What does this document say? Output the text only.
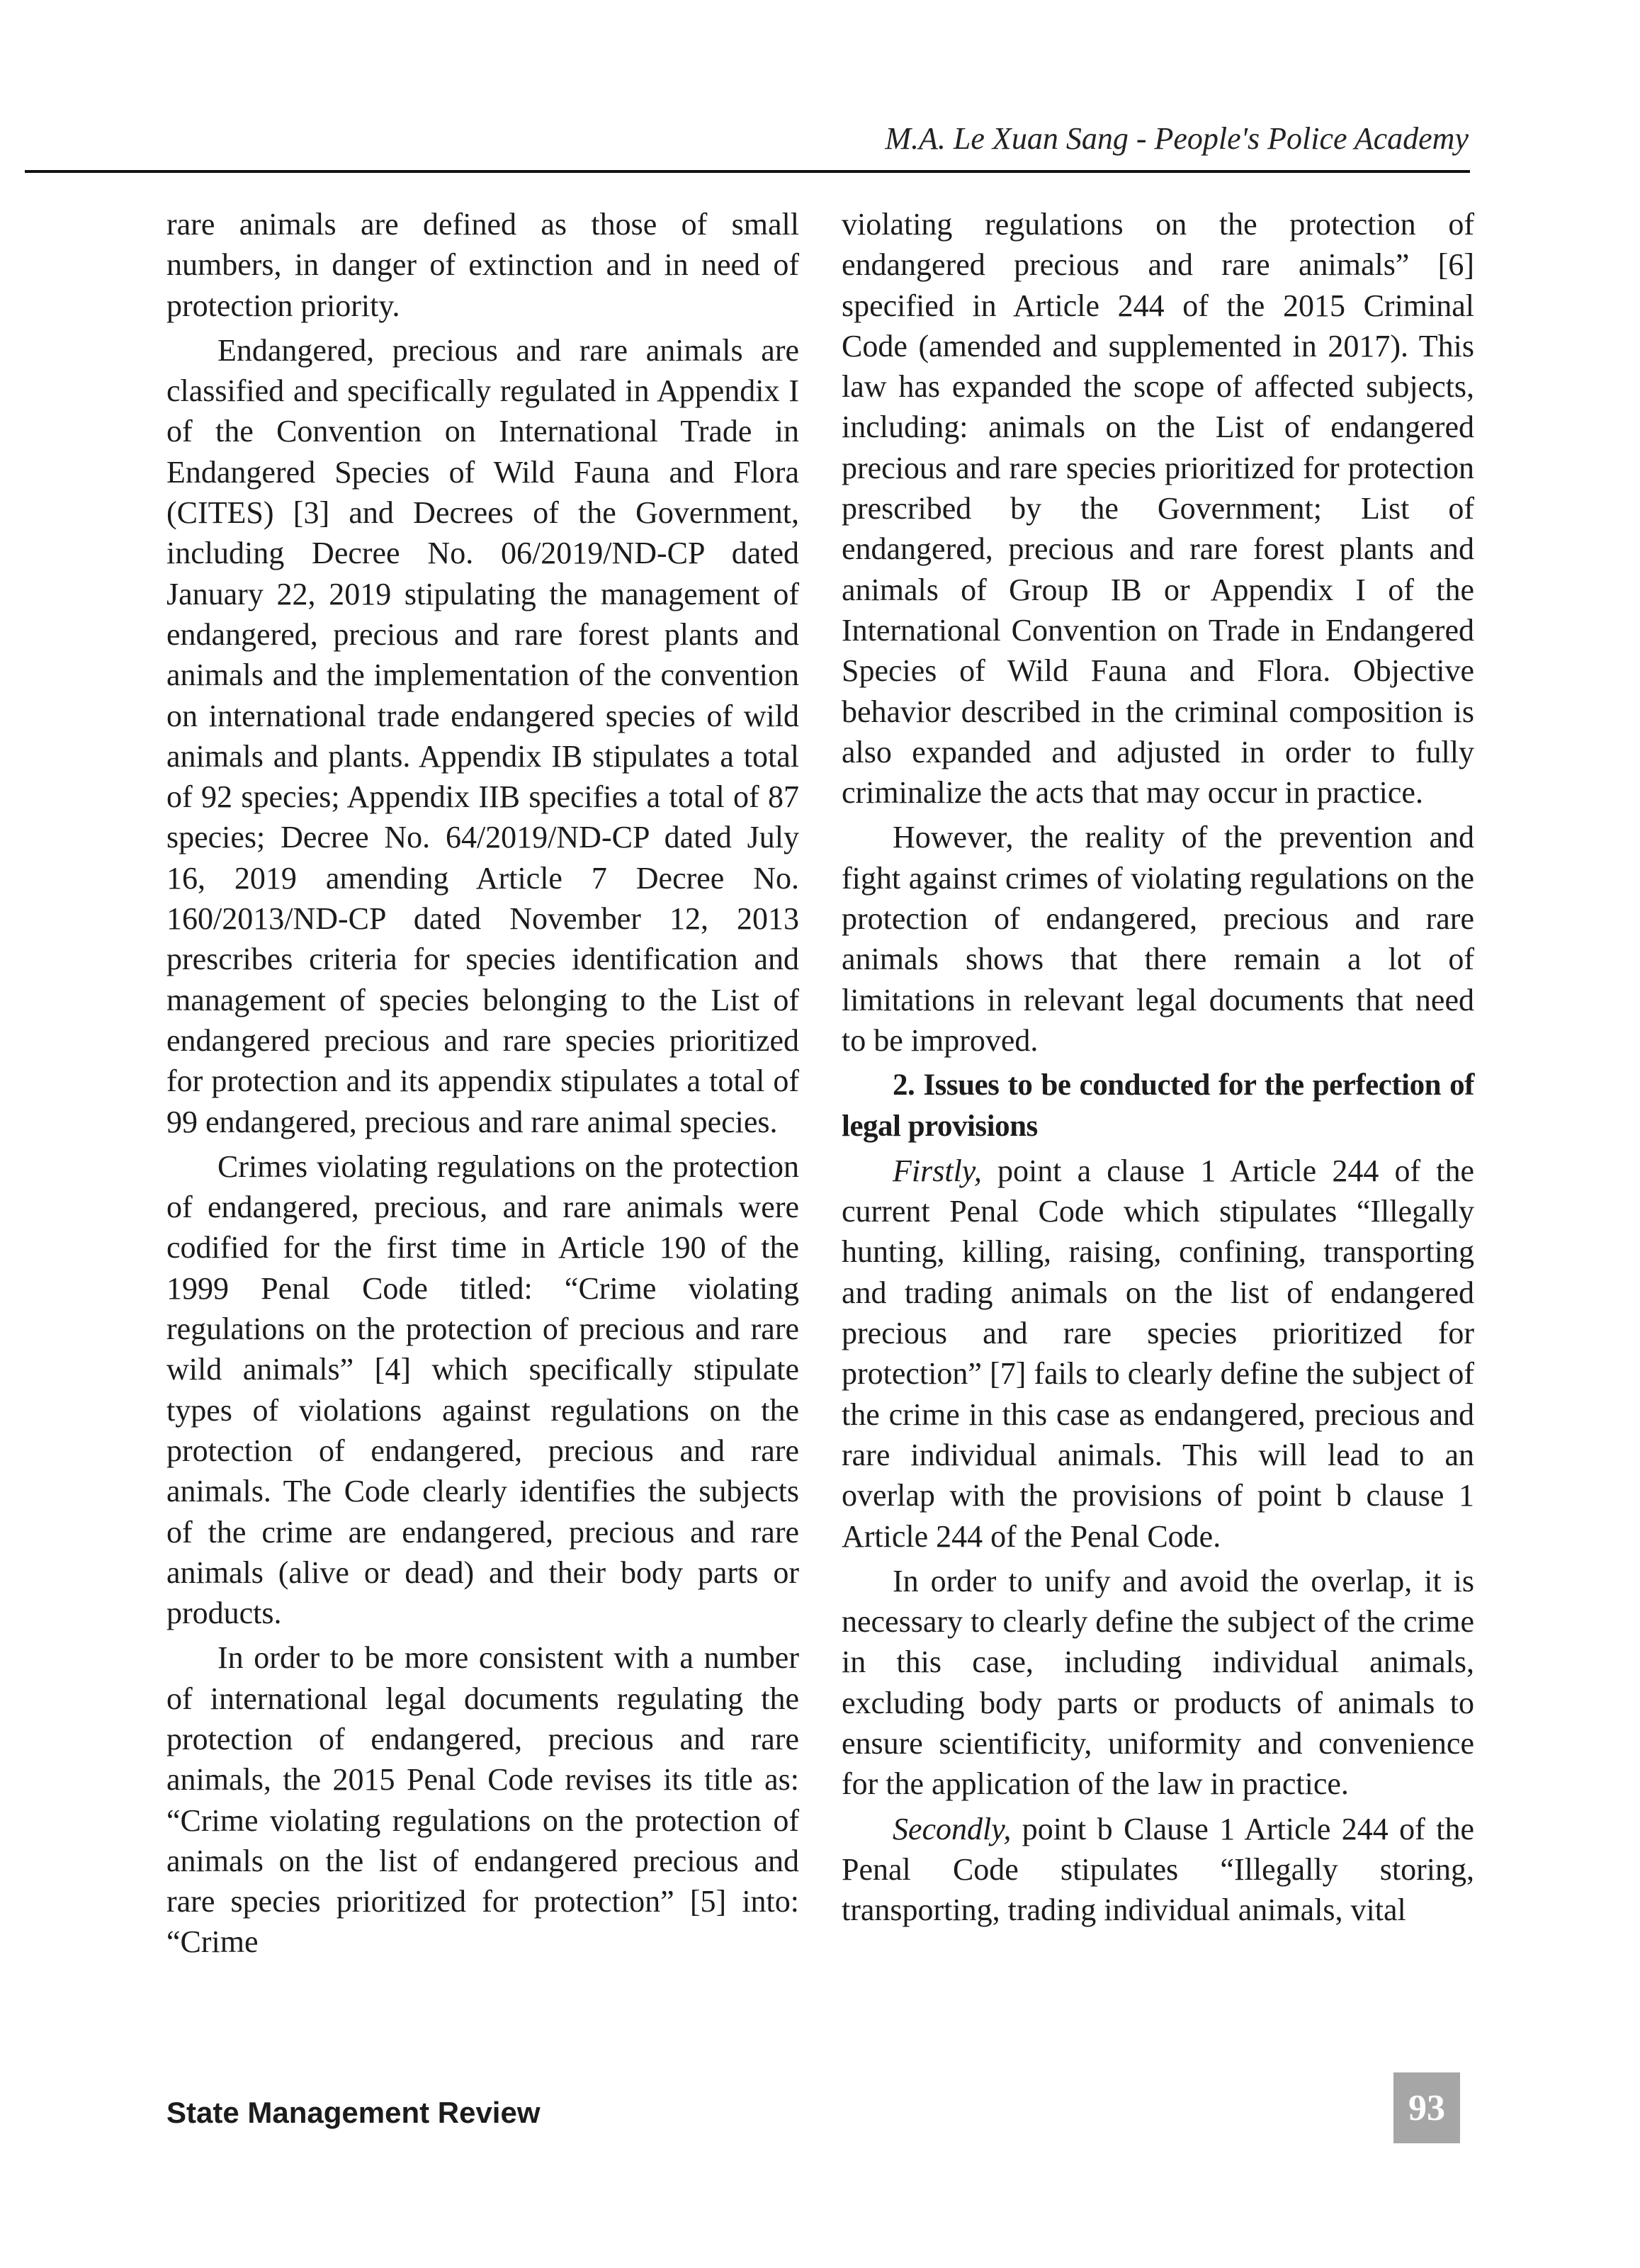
M.A. Le Xuan Sang - People's Police Academy

rare animals are defined as those of small numbers, in danger of extinction and in need of protection priority.

Endangered, precious and rare animals are classified and specifically regulated in Appendix I of the Convention on International Trade in Endangered Species of Wild Fauna and Flora (CITES) [3] and Decrees of the Government, including Decree No. 06/2019/ND-CP dated January 22, 2019 stipulating the management of endangered, precious and rare forest plants and animals and the implementation of the convention on international trade endangered species of wild animals and plants. Appendix IB stipulates a total of 92 species; Appendix IIB specifies a total of 87 species; Decree No. 64/2019/ND-CP dated July 16, 2019 amending Article 7 Decree No. 160/2013/ND-CP dated November 12, 2013 prescribes criteria for species identification and management of species belonging to the List of endangered precious and rare species prioritized for protection and its appendix stipulates a total of 99 endangered, precious and rare animal species.

Crimes violating regulations on the protection of endangered, precious, and rare animals were codified for the first time in Article 190 of the 1999 Penal Code titled: “Crime violating regulations on the protection of precious and rare wild animals” [4] which specifically stipulate types of violations against regulations on the protection of endangered, precious and rare animals. The Code clearly identifies the subjects of the crime are endangered, precious and rare animals (alive or dead) and their body parts or products.

In order to be more consistent with a number of international legal documents regulating the protection of endangered, precious and rare animals, the 2015 Penal Code revises its title as: “Crime violating regulations on the protection of animals on the list of endangered precious and rare species prioritized for protection” [5] into: “Crime

violating regulations on the protection of endangered precious and rare animals” [6] specified in Article 244 of the 2015 Criminal Code (amended and supplemented in 2017). This law has expanded the scope of affected subjects, including: animals on the List of endangered precious and rare species prioritized for protection prescribed by the Government; List of endangered, precious and rare forest plants and animals of Group IB or Appendix I of the International Convention on Trade in Endangered Species of Wild Fauna and Flora. Objective behavior described in the criminal composition is also expanded and adjusted in order to fully criminalize the acts that may occur in practice.

However, the reality of the prevention and fight against crimes of violating regulations on the protection of endangered, precious and rare animals shows that there remain a lot of limitations in relevant legal documents that need to be improved.

2. Issues to be conducted for the perfection of legal provisions

Firstly, point a clause 1 Article 244 of the current Penal Code which stipulates “Illegally hunting, killing, raising, confining, transporting and trading animals on the list of endangered precious and rare species prioritized for protection” [7] fails to clearly define the subject of the crime in this case as endangered, precious and rare individual animals. This will lead to an overlap with the provisions of point b clause 1 Article 244 of the Penal Code.

In order to unify and avoid the overlap, it is necessary to clearly define the subject of the crime in this case, including individual animals, excluding body parts or products of animals to ensure scientificity, uniformity and convenience for the application of the law in practice.

Secondly, point b Clause 1 Article 244 of the Penal Code stipulates “Illegally storing, transporting, trading individual animals, vital

State Management Review	93
